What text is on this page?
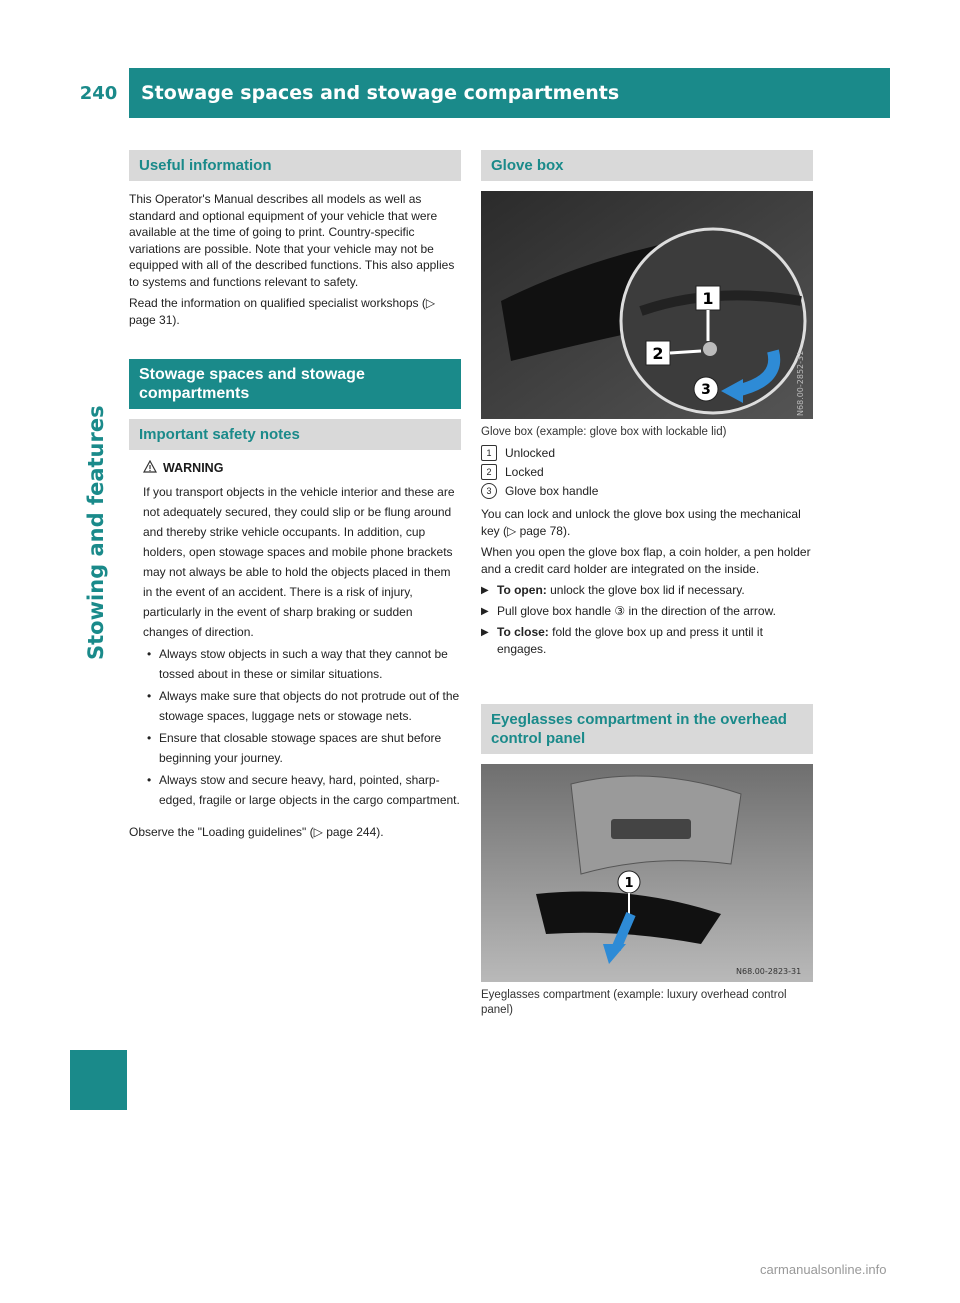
240	Stowage spaces and stowage compartments
Stowing and features
Useful information

This Operator's Manual describes all models as well as standard and optional equipment of your vehicle that were available at the time of going to print. Country-specific variations are possible. Note that your vehicle may not be equipped with all of the described functions. This also applies to systems and functions relevant to safety.

Read the information on qualified specialist workshops (▷ page 31).

Stowage spaces and stowage compartments
Important safety notes
WARNING

If you transport objects in the vehicle interior and these are not adequately secured, they could slip or be flung around and thereby strike vehicle occupants. In addition, cup holders, open stowage spaces and mobile phone brackets may not always be able to hold the objects placed in them in the event of an accident. There is a risk of injury, particularly in the event of sharp braking or sudden changes of direction.

• Always stow objects in such a way that they cannot be tossed about in these or similar situations.
• Always make sure that objects do not protrude out of the stowage spaces, luggage nets or stowage nets.
• Ensure that closable stowage spaces are shut before beginning your journey.
• Always stow and secure heavy, hard, pointed, sharp-edged, fragile or large objects in the cargo compartment.

Observe the "Loading guidelines" (▷ page 244).

Glove box
1
2
3	N68.00-2852-31
Glove box (example: glove box with lockable lid)
1	Unlocked
2	Locked
3	Glove box handle

You can lock and unlock the glove box using the mechanical key (▷ page 78).

When you open the glove box flap, a coin holder, a pen holder and a credit card holder are integrated on the inside.

▶ To open: unlock the glove box lid if necessary.
▶ Pull glove box handle ③ in the direction of the arrow.
▶ To close: fold the glove box up and press it until it engages.
Eyeglasses compartment in the overhead control panel
1
N68.00-2823-31
Eyeglasses compartment (example: luxury overhead control panel)
carmanualsonline.info
